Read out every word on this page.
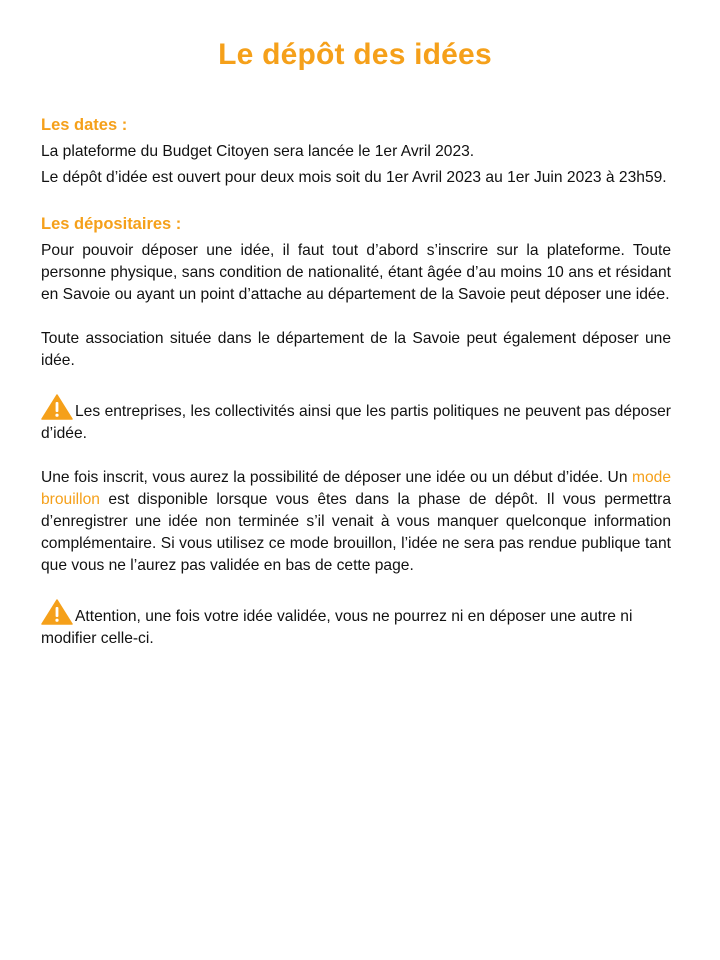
Le dépôt des idées
Les dates :

La plateforme du Budget Citoyen sera lancée le 1er Avril 2023.

Le dépôt d’idée est ouvert pour deux mois soit du 1er Avril 2023 au 1er Juin 2023 à 23h59.

Les dépositaires :

Pour pouvoir déposer une idée, il faut tout d’abord s’inscrire sur la plateforme. Toute personne physique, sans condition de nationalité, étant âgée d’au moins 10 ans et résidant en Savoie ou ayant un point d’attache au département de la Savoie peut déposer une idée.

Toute association située dans le département de la Savoie peut également déposer une idée.

Les entreprises, les collectivités ainsi que les partis politiques ne peuvent pas déposer d’idée.

Une fois inscrit, vous aurez la possibilité de déposer une idée ou un début d’idée. Un mode brouillon est disponible lorsque vous êtes dans la phase de dépôt. Il vous permettra d’enregistrer une idée non terminée s’il venait à vous manquer quelconque information complémentaire. Si vous utilisez ce mode brouillon, l’idée ne sera pas rendue publique tant que vous ne l’aurez pas validée en bas de cette page.

Attention, une fois votre idée validée, vous ne pourrez ni en déposer une autre ni modifier celle-ci.
